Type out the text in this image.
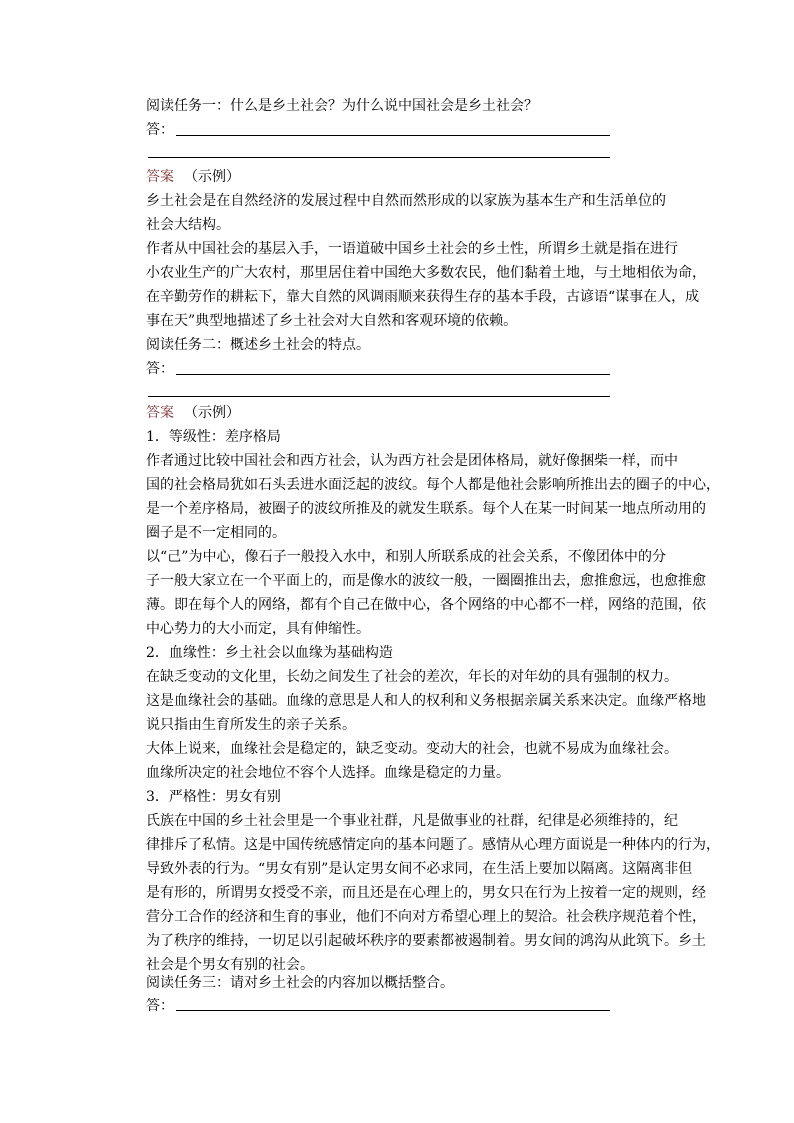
阅读任务一：什么是乡土社会？为什么说中国社会是乡土社会？
答：
答案 （示例）
乡土社会是在自然经济的发展过程中自然而然形成的以家族为基本生产和生活单位的
社会大结构。
作者从中国社会的基层入手，一语道破中国乡土社会的乡土性，所谓乡土就是指在进行
小农业生产的广大农村，那里居住着中国绝大多数农民，他们黏着土地，与土地相依为命，
在辛勤劳作的耕耘下，靠大自然的风调雨顺来获得生存的基本手段，古谚语“谋事在人，成
事在天”典型地描述了乡土社会对大自然和客观环境的依赖。
阅读任务二：概述乡土社会的特点。
答：
答案 （示例）
1．等级性：差序格局
作者通过比较中国社会和西方社会，认为西方社会是团体格局，就好像捆柴一样，而中
国的社会格局犹如石头丢进水面泛起的波纹。每个人都是他社会影响所推出去的圈子的中心，
是一个差序格局，被圈子的波纹所推及的就发生联系。每个人在某一时间某一地点所动用的
圈子是不一定相同的。
以“己”为中心，像石子一般投入水中，和别人所联系成的社会关系，不像团体中的分
子一般大家立在一个平面上的，而是像水的波纹一般，一圈圈推出去，愈推愈远，也愈推愈
薄。即在每个人的网络，都有个自己在做中心，各个网络的中心都不一样，网络的范围，依
中心势力的大小而定，具有伸缩性。
2．血缘性：乡土社会以血缘为基础构造
在缺乏变动的文化里，长幼之间发生了社会的差次，年长的对年幼的具有强制的权力。
这是血缘社会的基础。血缘的意思是人和人的权利和义务根据亲属关系来决定。血缘严格地
说只指由生育所发生的亲子关系。
大体上说来，血缘社会是稳定的，缺乏变动。变动大的社会，也就不易成为血缘社会。
血缘所决定的社会地位不容个人选择。血缘是稳定的力量。
3．严格性：男女有别
氏族在中国的乡土社会里是一个事业社群，凡是做事业的社群，纪律是必须维持的，纪
律排斥了私情。这是中国传统感情定向的基本问题了。感情从心理方面说是一种体内的行为，
导致外表的行为。“男女有别”是认定男女间不必求同，在生活上要加以隔离。这隔离非但
是有形的，所谓男女授受不亲，而且还是在心理上的，男女只在行为上按着一定的规则，经
营分工合作的经济和生育的事业，他们不向对方希望心理上的契洽。社会秩序规范着个性，
为了秩序的维持，一切足以引起破坏秩序的要素都被遏制着。男女间的鸿沟从此筑下。乡土
社会是个男女有别的社会。
阅读任务三：请对乡土社会的内容加以概括整合。
答：
